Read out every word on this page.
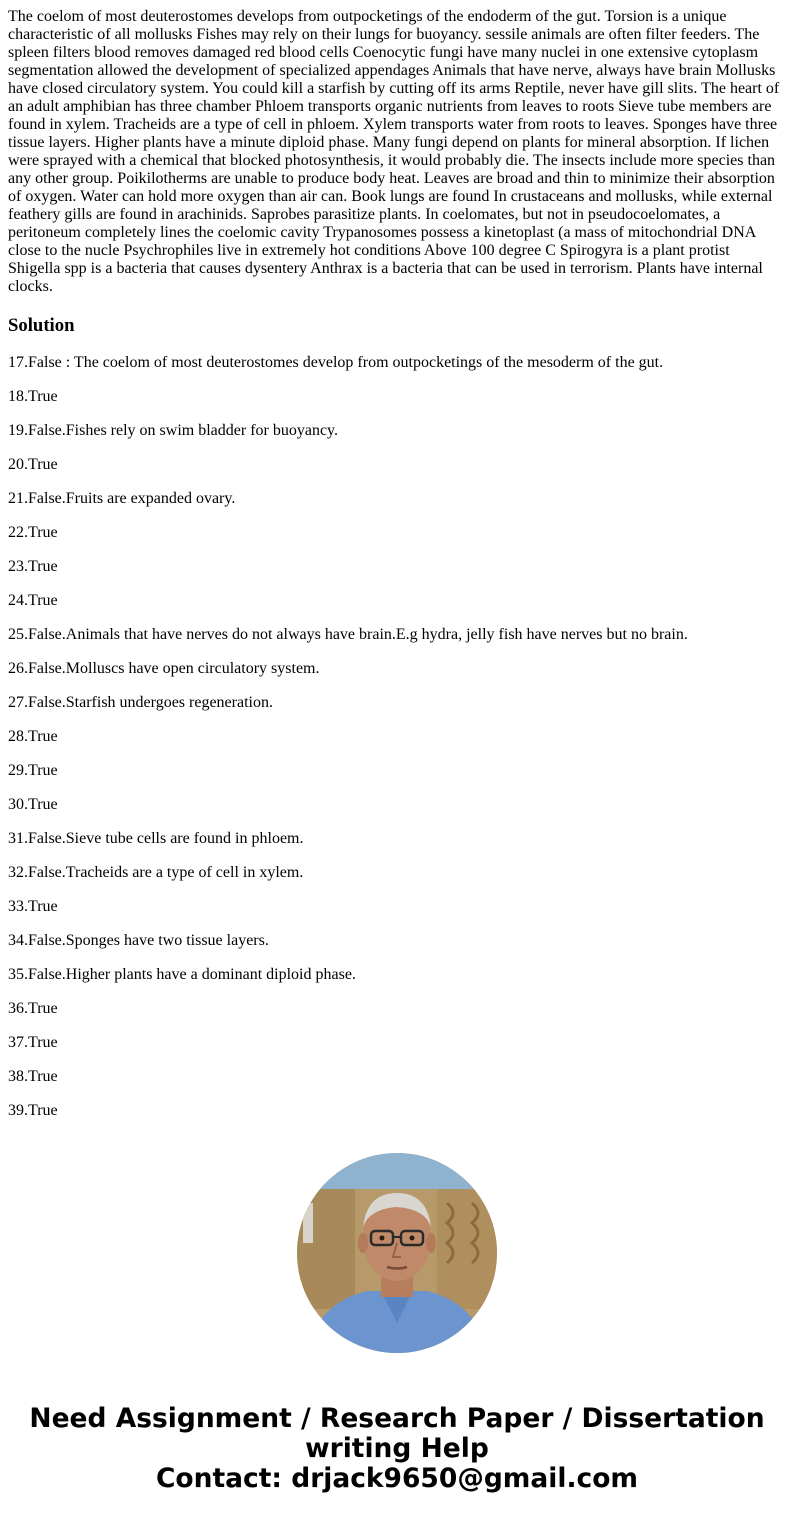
The coelom of most deuterostomes develops from outpocketings of the endoderm of the gut. Torsion is a unique characteristic of all mollusks Fishes may rely on their lungs for buoyancy. sessile animals are often filter feeders. The spleen filters blood removes damaged red blood cells Coenocytic fungi have many nuclei in one extensive cytoplasm segmentation allowed the development of specialized appendages Animals that have nerve, always have brain Mollusks have closed circulatory system. You could kill a starfish by cutting off its arms Reptile, never have gill slits. The heart of an adult amphibian has three chamber Phloem transports organic nutrients from leaves to roots Sieve tube members are found in xylem. Tracheids are a type of cell in phloem. Xylem transports water from roots to leaves. Sponges have three tissue layers. Higher plants have a minute diploid phase. Many fungi depend on plants for mineral absorption. If lichen were sprayed with a chemical that blocked photosynthesis, it would probably die. The insects include more species than any other group. Poikilotherms are unable to produce body heat. Leaves are broad and thin to minimize their absorption of oxygen. Water can hold more oxygen than air can. Book lungs are found In crustaceans and mollusks, while external feathery gills are found in arachinids. Saprobes parasitize plants. In coelomates, but not in pseudocoelomates, a peritoneum completely lines the coelomic cavity Trypanosomes possess a kinetoplast (a mass of mitochondrial DNA close to the nucle Psychrophiles live in extremely hot conditions Above 100 degree C Spirogyra is a plant protist Shigella spp is a bacteria that causes dysentery Anthrax is a bacteria that can be used in terrorism. Plants have internal clocks.

Solution
17.False : The coelom of most deuterostomes develop from outpocketings of the mesoderm of the gut.
18.True
19.False.Fishes rely on swim bladder for buoyancy.
20.True
21.False.Fruits are expanded ovary.
22.True
23.True
24.True
25.False.Animals that have nerves do not always have brain.E.g hydra, jelly fish have nerves but no brain.
26.False.Molluscs have open circulatory system.
27.False.Starfish undergoes regeneration.
28.True
29.True
30.True
31.False.Sieve tube cells are found in phloem.
32.False.Tracheids are a type of cell in xylem.
33.True
34.False.Sponges have two tissue layers.
35.False.Higher plants have a dominant diploid phase.
36.True
37.True
38.True
39.True
Need Assignment / Research Paper / Dissertation
writing Help
Contact: drjack9650@gmail.com
